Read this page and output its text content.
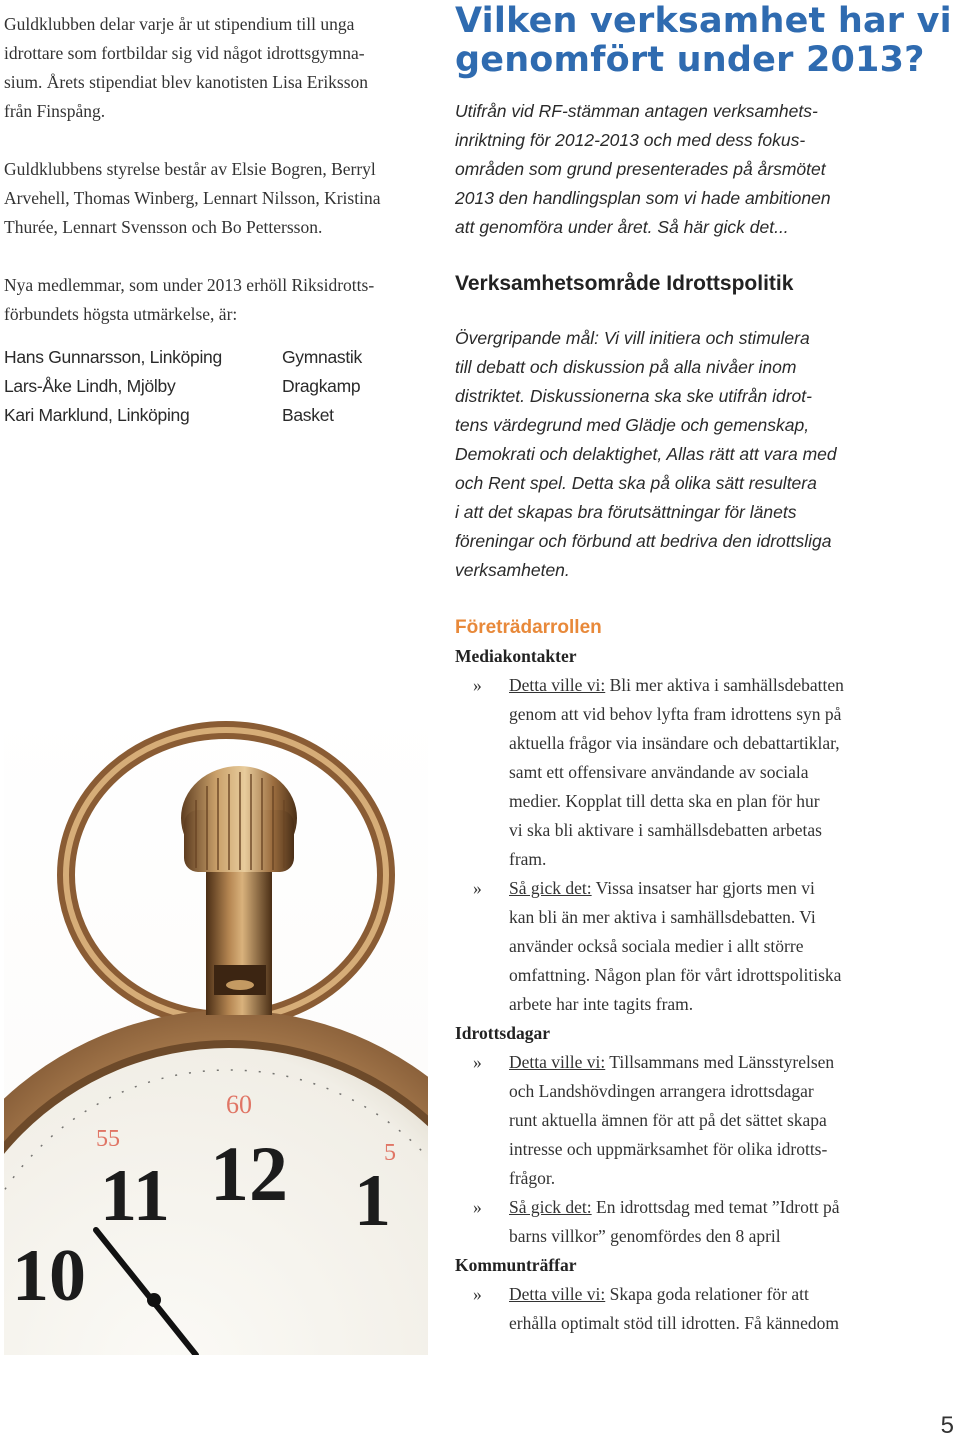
Guldklubben delar varje år ut stipendium till unga
idrottare som fortbildar sig vid något idrottsgymna-
sium. Årets stipendiat blev kanotisten Lisa Eriksson
från Finspång.

Guldklubbens styrelse består av Elsie Bogren, Berryl
Arvehell, Thomas Winberg, Lennart Nilsson, Kristina
Thurée, Lennart Svensson och Bo Pettersson.

Nya medlemmar, som under 2013 erhöll Riksidrotts-
förbundets högsta utmärkelse, är:

Hans Gunnarsson, Linköping	Gymnastik
Lars-Åke Lindh, Mjölby	Dragkamp
Kari Marklund, Linköping	Basket
60
55
5
12
11 1
10
Vilken verksamhet har vi
genomfört under 2013?
Utifrån vid RF-stämman antagen verksamhets-
inriktning för 2012-2013 och med dess fokus-
områden som grund presenterades på årsmötet
2013 den handlingsplan som vi hade ambitionen
att genomföra under året. Så här gick det...
Verksamhetsområde Idrottspolitik
Övergripande mål: Vi vill initiera och stimulera
till debatt och diskussion på alla nivåer inom
distriktet. Diskussionerna ska ske utifrån idrot-
tens värdegrund med Glädje och gemenskap,
Demokrati och delaktighet, Allas rätt att vara med
och Rent spel. Detta ska på olika sätt resultera
i att det skapas bra förutsättningar för länets
föreningar och förbund att bedriva den idrottsliga
verksamheten.
Företrädarrollen
Mediakontakter
» Detta ville vi: Bli mer aktiva i samhällsdebatten
genom att vid behov lyfta fram idrottens syn på
aktuella frågor via insändare och debattartiklar,
samt ett offensivare användande av sociala
medier. Kopplat till detta ska en plan för hur
vi ska bli aktivare i samhällsdebatten arbetas
fram.
» Så gick det: Vissa insatser har gjorts men vi
kan bli än mer aktiva i samhällsdebatten. Vi
använder också sociala medier i allt större
omfattning. Någon plan för vårt idrottspolitiska
arbete har inte tagits fram.
Idrottsdagar
» Detta ville vi: Tillsammans med Länsstyrelsen
och Landshövdingen arrangera idrottsdagar
runt aktuella ämnen för att på det sättet skapa
intresse och uppmärksamhet för olika idrotts-
frågor.
» Så gick det: En idrottsdag med temat ”Idrott på
barns villkor” genomfördes den 8 april
Kommunträffar
» Detta ville vi: Skapa goda relationer för att
erhålla optimalt stöd till idrotten. Få kännedom
5
